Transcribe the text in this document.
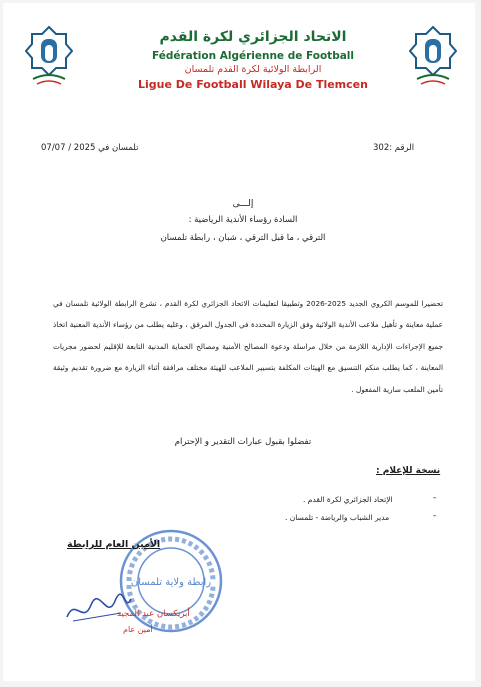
الاتحاد الجزائري لكرة القدم
Fédération Algérienne de Football
الرابطة الولائية لكرة القدم تلمسان
Ligue De Football Wilaya De Tlemcen
الرقم :302
تلمسان في 2025 / 07/07
إلـــى
السادة رؤساء الأندية الرياضية :
الترقي ، ما قبل الترقي ، شبان ، رابطة تلمسان
تحضيرا للموسم الكروي الجديد 2025-2026 وتطبيقا لتعليمات الاتحاد الجزائري لكرة القدم ، تشرع الرابطة الولائية تلمسان في عملية معاينة و تأهيل ملاعب الأندية الولائية وفق الزيارة المحددة في الجدول المرفق ، وعليه يطلب من رؤساء الأندية المعنية اتخاذ جميع الإجراءات الإدارية اللازمة من خلال مراسلة ودعوة المصالح الأمنية ومصالح الحماية المدنية التابعة للإقليم لحضور مجريات المعاينة ، كما يطلب منكم التنسيق مع الهيئات المكلفة بتسيير الملاعب للهيئة مختلف مرافقة أثناء الزيارة مع ضرورة تقديم وثيقة تأمين الملعب سارية المفعول .
تفضلوا بقبول عبارات التقدير و الإحترام
نسخة للإعلام :
-
الإتحاد الجزائري لكرة القدم .
-
مدير الشباب والرياضة - تلمسان .
رابطة ولاية تلمسان
الأمين العام للرابطة
أبريكسان عبد المجيد
أمين عام
